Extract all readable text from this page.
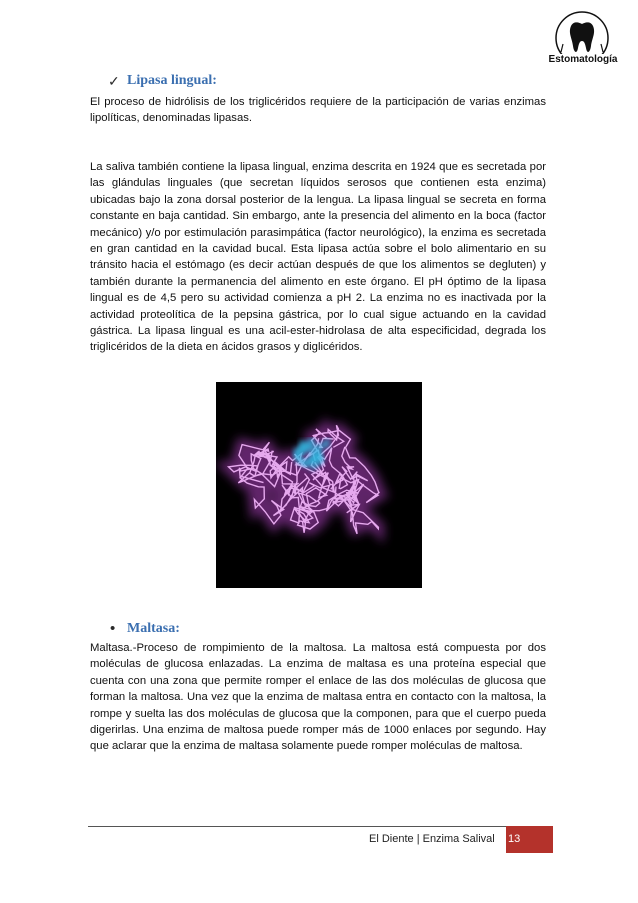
Estomatología
✓ Lipasa lingual:

El proceso de hidrólisis de los triglicéridos requiere de la participación de varias enzimas lipolíticas, denominadas lipasas.

La saliva también contiene la lipasa lingual, enzima descrita en 1924 que es secretada por las glándulas linguales (que secretan líquidos serosos que contienen esta enzima) ubicadas bajo la zona dorsal posterior de la lengua. La lipasa lingual se secreta en forma constante en baja cantidad. Sin embargo, ante la presencia del alimento en la boca (factor mecánico) y/o por estimulación parasimpática (factor neurológico), la enzima es secretada en gran cantidad en la cavidad bucal. Esta lipasa actúa sobre el bolo alimentario en su tránsito hacia el estómago (es decir actúan después de que los alimentos se degluten) y también durante la permanencia del alimento en este órgano. El pH óptimo de la lipasa lingual es de 4,5 pero su actividad comienza a pH 2. La enzima no es inactivada por la actividad proteolítica de la pepsina gástrica, por lo cual sigue actuando en la cavidad gástrica. La lipasa lingual es una acil-ester-hidrolasa de alta especificidad, degrada los triglicéridos de la dieta en ácidos grasos y diglicéridos.

• Maltasa:

Maltasa.-Proceso de rompimiento de la maltosa. La maltosa está compuesta por dos moléculas de glucosa enlazadas. La enzima de maltasa es una proteína especial que cuenta con una zona que permite romper el enlace de las dos moléculas de glucosa que forman la maltosa. Una vez que la enzima de maltasa entra en contacto con la maltosa, la rompe y suelta las dos moléculas de glucosa que la componen, para que el cuerpo pueda digerirlas. Una enzima de maltosa puede romper más de 1000 enlaces por segundo. Hay que aclarar que la enzima de maltasa solamente puede romper moléculas de maltosa.

El Diente | Enzima Salival 13
